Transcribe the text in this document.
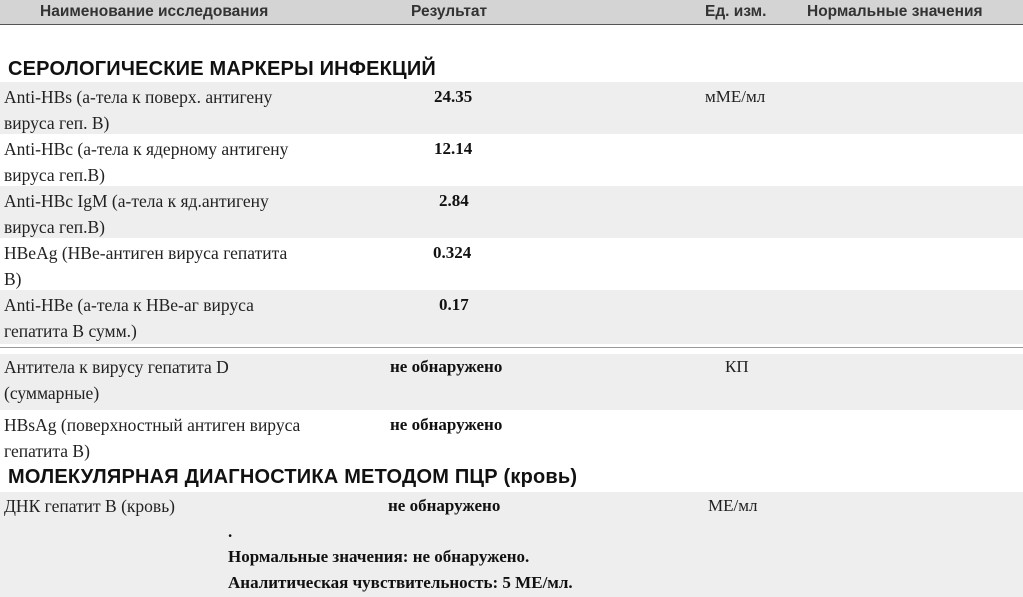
Наименование исследования	Результат	Ед. изм.	Нормальные значения
СЕРОЛОГИЧЕСКИЕ МАРКЕРЫ ИНФЕКЦИЙ
Anti-HBs (а-тела к поверх. антигену
вируса геп. В)
24.35	мМЕ/мл
Anti-HBc (а-тела к ядерному антигену
вируса геп.В)
12.14
Anti-HBc IgM (а-тела к яд.антигену
вируса геп.В)
2.84
HBeAg (HBe-антиген вируса гепатита
В)
0.324
Anti-HBe (а-тела к HBe-аг вируса
гепатита В сумм.)
0.17
Антитела к вирусу гепатита D
(суммарные)
не обнаружено	КП
HBsAg (поверхностный антиген вируса
гепатита В)
не обнаружено
МОЛЕКУЛЯРНАЯ ДИАГНОСТИКА МЕТОДОМ ПЦР (кровь)
ДНК гепатит В (кровь)	не обнаружено	МЕ/мл
.
Нормальные значения: не обнаружено.
Аналитическая чувствительность: 5 МЕ/мл.
